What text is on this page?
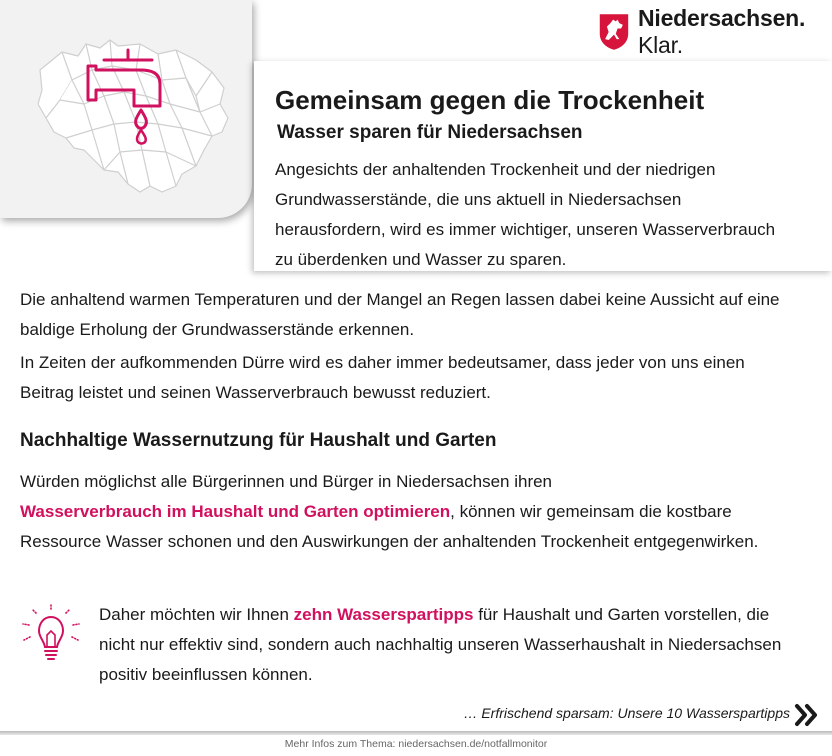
Niedersachsen. Klar.
Gemeinsam gegen die Trockenheit
Wasser sparen für Niedersachsen

Angesichts der anhaltenden Trockenheit und der niedrigen Grundwasserstände, die uns aktuell in Niedersachsen herausfordern, wird es immer wichtiger, unseren Wasserverbrauch zu überdenken und Wasser zu sparen.

Die anhaltend warmen Temperaturen und der Mangel an Regen lassen dabei keine Aussicht auf eine baldige Erholung der Grundwasserstände erkennen.

In Zeiten der aufkommenden Dürre wird es daher immer bedeutsamer, dass jeder von uns einen Beitrag leistet und seinen Wasserverbrauch bewusst reduziert.

Nachhaltige Wassernutzung für Haushalt und Garten

Würden möglichst alle Bürgerinnen und Bürger in Niedersachsen ihren
Wasserverbrauch im Haushalt und Garten optimieren, können wir gemeinsam die kostbare Ressource Wasser schonen und den Auswirkungen der anhaltenden Trockenheit entgegenwirken.

Daher möchten wir Ihnen zehn Wasserspartipps für Haushalt und Garten vorstellen, die nicht nur effektiv sind, sondern auch nachhaltig unseren Wasserhaushalt in Niedersachsen positiv beeinflussen können.

… Erfrischend sparsam: Unsere 10 Wasserspartipps
Mehr Infos zum Thema: niedersachsen.de/notfallmonitor
